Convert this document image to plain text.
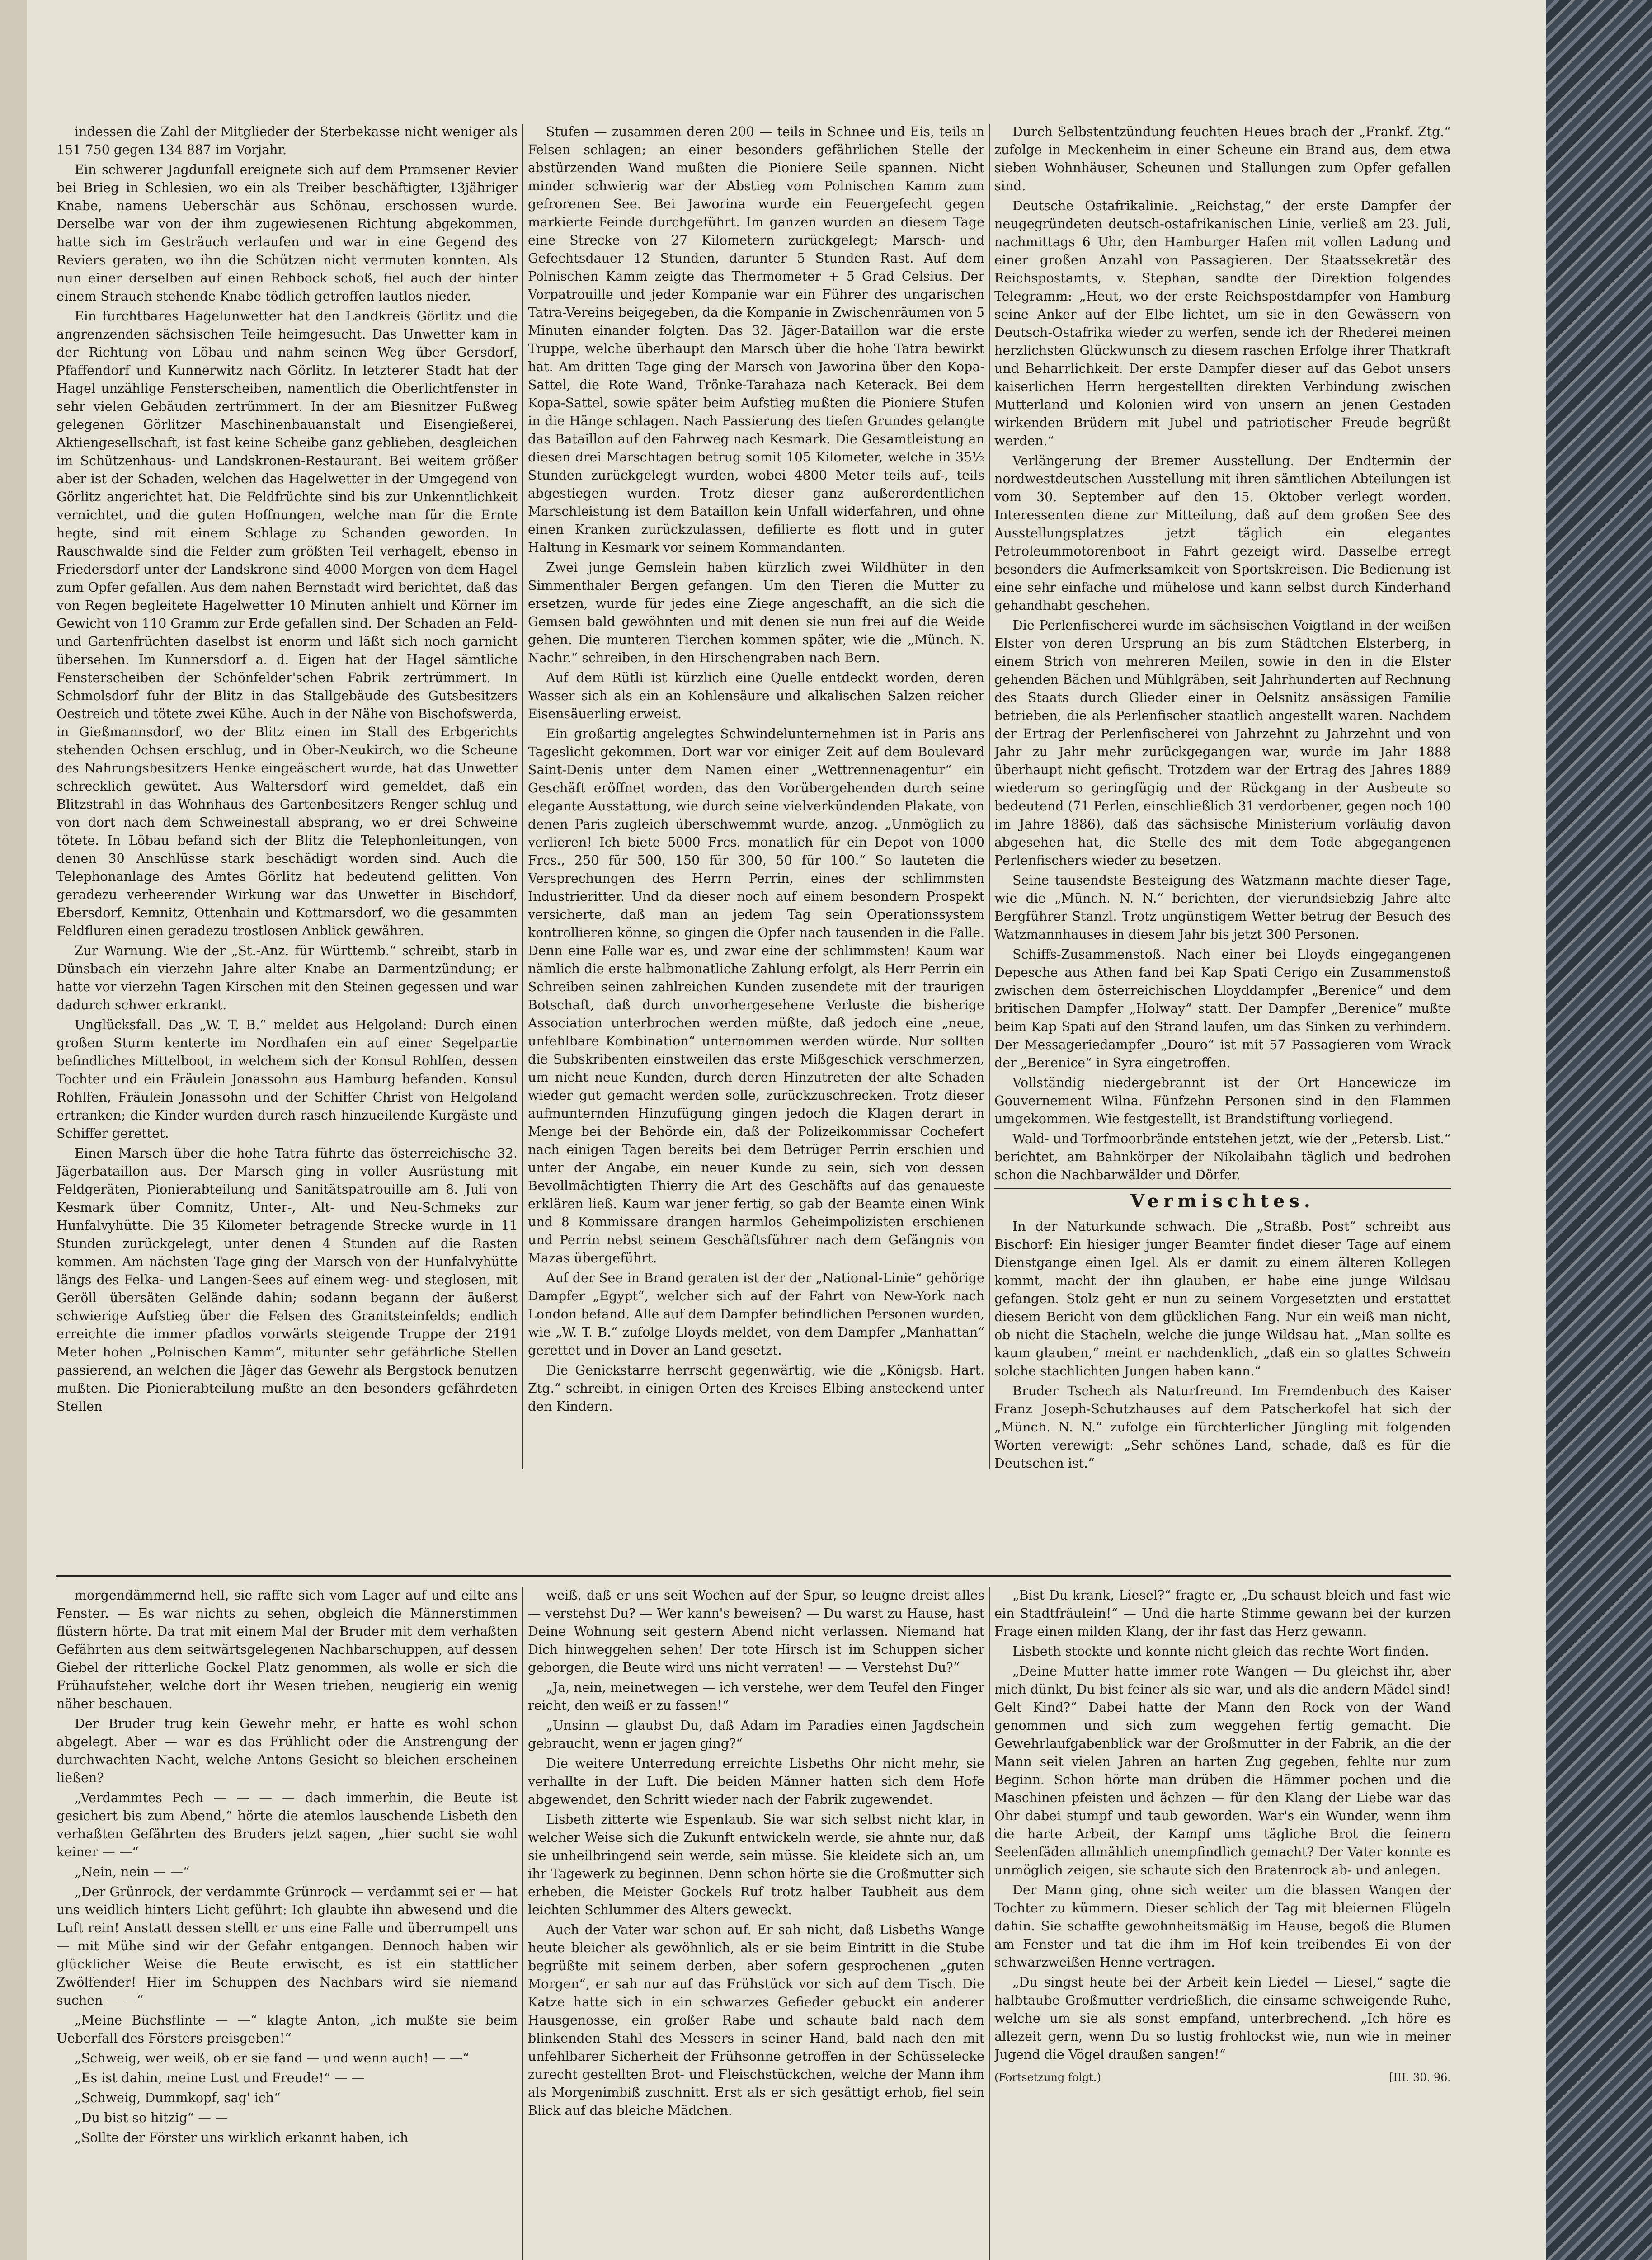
indessen die Zahl der Mitglieder der Sterbekasse nicht weniger als 151 750 gegen 134 887 im Vorjahr.

Ein schwerer Jagdunfall ereignete sich auf dem Pramsener Revier bei Brieg in Schlesien, wo ein als Treiber beschäftigter, 13jähriger Knabe, namens Ueberschär aus Schönau, erschossen wurde. Derselbe war von der ihm zugewiesenen Richtung abgekommen, hatte sich im Gesträuch verlaufen und war in eine Gegend des Reviers geraten, wo ihn die Schützen nicht vermuten konnten. Als nun einer derselben auf einen Rehbock schoß, fiel auch der hinter einem Strauch stehende Knabe tödlich getroffen lautlos nieder.

Ein furchtbares Hagelunwetter hat den Landkreis Görlitz und die angrenzenden sächsischen Teile heimgesucht. Das Unwetter kam in der Richtung von Löbau und nahm seinen Weg über Gersdorf, Pfaffendorf und Kunnerwitz nach Görlitz. In letzterer Stadt hat der Hagel unzählige Fensterscheiben, namentlich die Oberlichtfenster in sehr vielen Gebäuden zertrümmert. In der am Biesnitzer Fußweg gelegenen Görlitzer Maschinenbauanstalt und Eisengießerei, Aktiengesellschaft, ist fast keine Scheibe ganz geblieben, desgleichen im Schützenhaus- und Landskronen-Restaurant. Bei weitem größer aber ist der Schaden, welchen das Hagelwetter in der Umgegend von Görlitz angerichtet hat. Die Feldfrüchte sind bis zur Unkenntlichkeit vernichtet, und die guten Hoffnungen, welche man für die Ernte hegte, sind mit einem Schlage zu Schanden geworden. In Rauschwalde sind die Felder zum größten Teil verhagelt, ebenso in Friedersdorf unter der Landskrone sind 4000 Morgen von dem Hagel zum Opfer gefallen. Aus dem nahen Bernstadt wird berichtet, daß das von Regen begleitete Hagelwetter 10 Minuten anhielt und Körner im Gewicht von 110 Gramm zur Erde gefallen sind. Der Schaden an Feld- und Gartenfrüchten daselbst ist enorm und läßt sich noch garnicht übersehen. Im Kunnersdorf a. d. Eigen hat der Hagel sämtliche Fensterscheiben der Schönfelder'schen Fabrik zertrümmert. In Schmolsdorf fuhr der Blitz in das Stallgebäude des Gutsbesitzers Oestreich und tötete zwei Kühe. Auch in der Nähe von Bischofswerda, in Gießmannsdorf, wo der Blitz einen im Stall des Erbgerichts stehenden Ochsen erschlug, und in Ober-Neukirch, wo die Scheune des Nahrungsbesitzers Henke eingeäschert wurde, hat das Unwetter schrecklich gewütet. Aus Waltersdorf wird gemeldet, daß ein Blitzstrahl in das Wohnhaus des Gartenbesitzers Renger schlug und von dort nach dem Schweinestall absprang, wo er drei Schweine tötete. In Löbau befand sich der Blitz die Telephonleitungen, von denen 30 Anschlüsse stark beschädigt worden sind. Auch die Telephonanlage des Amtes Görlitz hat bedeutend gelitten. Von geradezu verheerender Wirkung war das Unwetter in Bischdorf, Ebersdorf, Kemnitz, Ottenhain und Kottmarsdorf, wo die gesammten Feldfluren einen geradezu trostlosen Anblick gewähren.

Zur Warnung. Wie der „St.-Anz. für Württemb.“ schreibt, starb in Dünsbach ein vierzehn Jahre alter Knabe an Darmentzündung; er hatte vor vierzehn Tagen Kirschen mit den Steinen gegessen und war dadurch schwer erkrankt.

Unglücksfall. Das „W. T. B.“ meldet aus Helgoland: Durch einen großen Sturm kenterte im Nordhafen ein auf einer Segelpartie befindliches Mittelboot, in welchem sich der Konsul Rohlfen, dessen Tochter und ein Fräulein Jonassohn aus Hamburg befanden. Konsul Rohlfen, Fräulein Jonassohn und der Schiffer Christ von Helgoland ertranken; die Kinder wurden durch rasch hinzueilende Kurgäste und Schiffer gerettet.

Einen Marsch über die hohe Tatra führte das österreichische 32. Jägerbataillon aus. Der Marsch ging in voller Ausrüstung mit Feldgeräten, Pionierabteilung und Sanitätspatrouille am 8. Juli von Kesmark über Comnitz, Unter-, Alt- und Neu-Schmeks zur Hunfalvyhütte. Die 35 Kilometer betragende Strecke wurde in 11 Stunden zurückgelegt, unter denen 4 Stunden auf die Rasten kommen. Am nächsten Tage ging der Marsch von der Hunfalvyhütte längs des Felka- und Langen-Sees auf einem weg- und steglosen, mit Geröll übersäten Gelände dahin; sodann begann der äußerst schwierige Aufstieg über die Felsen des Granitsteinfelds; endlich erreichte die immer pfadlos vorwärts steigende Truppe der 2191 Meter hohen „Polnischen Kamm“, mitunter sehr gefährliche Stellen passierend, an welchen die Jäger das Gewehr als Bergstock benutzen mußten. Die Pionierabteilung mußte an den besonders gefährdeten Stellen

Stufen — zusammen deren 200 — teils in Schnee und Eis, teils in Felsen schlagen; an einer besonders gefährlichen Stelle der abstürzenden Wand mußten die Pioniere Seile spannen. Nicht minder schwierig war der Abstieg vom Polnischen Kamm zum gefrorenen See. Bei Jaworina wurde ein Feuergefecht gegen markierte Feinde durchgeführt. Im ganzen wurden an diesem Tage eine Strecke von 27 Kilometern zurückgelegt; Marsch- und Gefechtsdauer 12 Stunden, darunter 5 Stunden Rast. Auf dem Polnischen Kamm zeigte das Thermometer + 5 Grad Celsius. Der Vorpatrouille und jeder Kompanie war ein Führer des ungarischen Tatra-Vereins beigegeben, da die Kompanie in Zwischenräumen von 5 Minuten einander folgten. Das 32. Jäger-Bataillon war die erste Truppe, welche überhaupt den Marsch über die hohe Tatra bewirkt hat. Am dritten Tage ging der Marsch von Jaworina über den Kopa-Sattel, die Rote Wand, Trönke-Tarahaza nach Keterack. Bei dem Kopa-Sattel, sowie später beim Aufstieg mußten die Pioniere Stufen in die Hänge schlagen. Nach Passierung des tiefen Grundes gelangte das Bataillon auf den Fahrweg nach Kesmark. Die Gesamtleistung an diesen drei Marschtagen betrug somit 105 Kilometer, welche in 35½ Stunden zurückgelegt wurden, wobei 4800 Meter teils auf-, teils abgestiegen wurden. Trotz dieser ganz außerordentlichen Marschleistung ist dem Bataillon kein Unfall widerfahren, und ohne einen Kranken zurückzulassen, defilierte es flott und in guter Haltung in Kesmark vor seinem Kommandanten.

Zwei junge Gemslein haben kürzlich zwei Wildhüter in den Simmenthaler Bergen gefangen. Um den Tieren die Mutter zu ersetzen, wurde für jedes eine Ziege angeschafft, an die sich die Gemsen bald gewöhnten und mit denen sie nun frei auf die Weide gehen. Die munteren Tierchen kommen später, wie die „Münch. N. Nachr.“ schreiben, in den Hirschengraben nach Bern.

Auf dem Rütli ist kürzlich eine Quelle entdeckt worden, deren Wasser sich als ein an Kohlensäure und alkalischen Salzen reicher Eisensäuerling erweist.

Ein großartig angelegtes Schwindelunternehmen ist in Paris ans Tageslicht gekommen. Dort war vor einiger Zeit auf dem Boulevard Saint-Denis unter dem Namen einer „Wettrennenagentur“ ein Geschäft eröffnet worden, das den Vorübergehenden durch seine elegante Ausstattung, wie durch seine vielverkündenden Plakate, von denen Paris zugleich überschwemmt wurde, anzog. „Unmöglich zu verlieren! Ich biete 5000 Frcs. monatlich für ein Depot von 1000 Frcs., 250 für 500, 150 für 300, 50 für 100.“ So lauteten die Versprechungen des Herrn Perrin, eines der schlimmsten Industrieritter. Und da dieser noch auf einem besondern Prospekt versicherte, daß man an jedem Tag sein Operationssystem kontrollieren könne, so gingen die Opfer nach tausenden in die Falle. Denn eine Falle war es, und zwar eine der schlimmsten! Kaum war nämlich die erste halbmonatliche Zahlung erfolgt, als Herr Perrin ein Schreiben seinen zahlreichen Kunden zusendete mit der traurigen Botschaft, daß durch unvorhergesehene Verluste die bisherige Association unterbrochen werden müßte, daß jedoch eine „neue, unfehlbare Kombination“ unternommen werden würde. Nur sollten die Subskribenten einstweilen das erste Mißgeschick verschmerzen, um nicht neue Kunden, durch deren Hinzutreten der alte Schaden wieder gut gemacht werden solle, zurückzuschrecken. Trotz dieser aufmunternden Hinzufügung gingen jedoch die Klagen derart in Menge bei der Behörde ein, daß der Polizeikommissar Cochefert nach einigen Tagen bereits bei dem Betrüger Perrin erschien und unter der Angabe, ein neuer Kunde zu sein, sich von dessen Bevollmächtigten Thierry die Art des Geschäfts auf das genaueste erklären ließ. Kaum war jener fertig, so gab der Beamte einen Wink und 8 Kommissare drangen harmlos Geheimpolizisten erschienen und Perrin nebst seinem Geschäftsführer nach dem Gefängnis von Mazas übergeführt.

Auf der See in Brand geraten ist der der „National-Linie“ gehörige Dampfer „Egypt“, welcher sich auf der Fahrt von New-York nach London befand. Alle auf dem Dampfer befindlichen Personen wurden, wie „W. T. B.“ zufolge Lloyds meldet, von dem Dampfer „Manhattan“ gerettet und in Dover an Land gesetzt.

Die Genickstarre herrscht gegenwärtig, wie die „Königsb. Hart. Ztg.“ schreibt, in einigen Orten des Kreises Elbing ansteckend unter den Kindern.

Durch Selbstentzündung feuchten Heues brach der „Frankf. Ztg.“ zufolge in Meckenheim in einer Scheune ein Brand aus, dem etwa sieben Wohnhäuser, Scheunen und Stallungen zum Opfer gefallen sind.

Deutsche Ostafrikalinie. „Reichstag,“ der erste Dampfer der neugegründeten deutsch-ostafrikanischen Linie, verließ am 23. Juli, nachmittags 6 Uhr, den Hamburger Hafen mit vollen Ladung und einer großen Anzahl von Passagieren. Der Staatssekretär des Reichspostamts, v. Stephan, sandte der Direktion folgendes Telegramm: „Heut, wo der erste Reichspostdampfer von Hamburg seine Anker auf der Elbe lichtet, um sie in den Gewässern von Deutsch-Ostafrika wieder zu werfen, sende ich der Rhederei meinen herzlichsten Glückwunsch zu diesem raschen Erfolge ihrer Thatkraft und Beharrlichkeit. Der erste Dampfer dieser auf das Gebot unsers kaiserlichen Herrn hergestellten direkten Verbindung zwischen Mutterland und Kolonien wird von unsern an jenen Gestaden wirkenden Brüdern mit Jubel und patriotischer Freude begrüßt werden.“

Verlängerung der Bremer Ausstellung. Der Endtermin der nordwestdeutschen Ausstellung mit ihren sämtlichen Abteilungen ist vom 30. September auf den 15. Oktober verlegt worden. Interessenten diene zur Mitteilung, daß auf dem großen See des Ausstellungsplatzes jetzt täglich ein elegantes Petroleummotorenboot in Fahrt gezeigt wird. Dasselbe erregt besonders die Aufmerksamkeit von Sportskreisen. Die Bedienung ist eine sehr einfache und mühelose und kann selbst durch Kinderhand gehandhabt geschehen.

Die Perlenfischerei wurde im sächsischen Voigtland in der weißen Elster von deren Ursprung an bis zum Städtchen Elsterberg, in einem Strich von mehreren Meilen, sowie in den in die Elster gehenden Bächen und Mühlgräben, seit Jahrhunderten auf Rechnung des Staats durch Glieder einer in Oelsnitz ansässigen Familie betrieben, die als Perlenfischer staatlich angestellt waren. Nachdem der Ertrag der Perlenfischerei von Jahrzehnt zu Jahrzehnt und von Jahr zu Jahr mehr zurückgegangen war, wurde im Jahr 1888 überhaupt nicht gefischt. Trotzdem war der Ertrag des Jahres 1889 wiederum so geringfügig und der Rückgang in der Ausbeute so bedeutend (71 Perlen, einschließlich 31 verdorbener, gegen noch 100 im Jahre 1886), daß das sächsische Ministerium vorläufig davon abgesehen hat, die Stelle des mit dem Tode abgegangenen Perlenfischers wieder zu besetzen.

Seine tausendste Besteigung des Watzmann machte dieser Tage, wie die „Münch. N. N.“ berichten, der vierundsiebzig Jahre alte Bergführer Stanzl. Trotz ungünstigem Wetter betrug der Besuch des Watzmannhauses in diesem Jahr bis jetzt 300 Personen.

Schiffs-Zusammenstoß. Nach einer bei Lloyds eingegangenen Depesche aus Athen fand bei Kap Spati Cerigo ein Zusammenstoß zwischen dem österreichischen Lloyddampfer „Berenice“ und dem britischen Dampfer „Holway“ statt. Der Dampfer „Berenice“ mußte beim Kap Spati auf den Strand laufen, um das Sinken zu verhindern. Der Messageriedampfer „Douro“ ist mit 57 Passagieren vom Wrack der „Berenice“ in Syra eingetroffen.

Vollständig niedergebrannt ist der Ort Hancewicze im Gouvernement Wilna. Fünfzehn Personen sind in den Flammen umgekommen. Wie festgestellt, ist Brandstiftung vorliegend.

Wald- und Torfmoorbrände entstehen jetzt, wie der „Petersb. List.“ berichtet, am Bahnkörper der Nikolaibahn täglich und bedrohen schon die Nachbarwälder und Dörfer.

Vermischtes.

In der Naturkunde schwach. Die „Straßb. Post“ schreibt aus Bischorf: Ein hiesiger junger Beamter findet dieser Tage auf einem Dienstgange einen Igel. Als er damit zu einem älteren Kollegen kommt, macht der ihn glauben, er habe eine junge Wildsau gefangen. Stolz geht er nun zu seinem Vorgesetzten und erstattet diesem Bericht von dem glücklichen Fang. Nur ein weiß man nicht, ob nicht die Stacheln, welche die junge Wildsau hat. „Man sollte es kaum glauben,“ meint er nachdenklich, „daß ein so glattes Schwein solche stachlichten Jungen haben kann.“

Bruder Tschech als Naturfreund. Im Fremdenbuch des Kaiser Franz Joseph-Schutzhauses auf dem Patscherkofel hat sich der „Münch. N. N.“ zufolge ein fürchterlicher Jüngling mit folgenden Worten verewigt: „Sehr schönes Land, schade, daß es für die Deutschen ist.“

morgendämmernd hell, sie raffte sich vom Lager auf und eilte ans Fenster. — Es war nichts zu sehen, obgleich die Männerstimmen flüstern hörte. Da trat mit einem Mal der Bruder mit dem verhaßten Gefährten aus dem seitwärtsgelegenen Nachbarschuppen, auf dessen Giebel der ritterliche Gockel Platz genommen, als wolle er sich die Frühaufsteher, welche dort ihr Wesen trieben, neugierig ein wenig näher beschauen.

Der Bruder trug kein Gewehr mehr, er hatte es wohl schon abgelegt. Aber — war es das Frühlicht oder die Anstrengung der durchwachten Nacht, welche Antons Gesicht so bleichen erscheinen ließen?

„Verdammtes Pech — — — — dach immerhin, die Beute ist gesichert bis zum Abend,“ hörte die atemlos lauschende Lisbeth den verhaßten Gefährten des Bruders jetzt sagen, „hier sucht sie wohl keiner — —“

„Nein, nein — —“

„Der Grünrock, der verdammte Grünrock — verdammt sei er — hat uns weidlich hinters Licht geführt: Ich glaubte ihn abwesend und die Luft rein! Anstatt dessen stellt er uns eine Falle und überrumpelt uns — mit Mühe sind wir der Gefahr entgangen. Dennoch haben wir glücklicher Weise die Beute erwischt, es ist ein stattlicher Zwölfender! Hier im Schuppen des Nachbars wird sie niemand suchen — —“

„Meine Büchsflinte — —“ klagte Anton, „ich mußte sie beim Ueberfall des Försters preisgeben!“

„Schweig, wer weiß, ob er sie fand — und wenn auch! — —“

„Es ist dahin, meine Lust und Freude!“ — —

„Schweig, Dummkopf, sag' ich“

„Du bist so hitzig“ — —

„Sollte der Förster uns wirklich erkannt haben, ich

weiß, daß er uns seit Wochen auf der Spur, so leugne dreist alles — verstehst Du? — Wer kann's beweisen? — Du warst zu Hause, hast Deine Wohnung seit gestern Abend nicht verlassen. Niemand hat Dich hinweggehen sehen! Der tote Hirsch ist im Schuppen sicher geborgen, die Beute wird uns nicht verraten! — — Verstehst Du?“

„Ja, nein, meinetwegen — ich verstehe, wer dem Teufel den Finger reicht, den weiß er zu fassen!“

„Unsinn — glaubst Du, daß Adam im Paradies einen Jagdschein gebraucht, wenn er jagen ging?“

Die weitere Unterredung erreichte Lisbeths Ohr nicht mehr, sie verhallte in der Luft. Die beiden Männer hatten sich dem Hofe abgewendet, den Schritt wieder nach der Fabrik zugewendet.

Lisbeth zitterte wie Espenlaub. Sie war sich selbst nicht klar, in welcher Weise sich die Zukunft entwickeln werde, sie ahnte nur, daß sie unheilbringend sein werde, sein müsse. Sie kleidete sich an, um ihr Tagewerk zu beginnen. Denn schon hörte sie die Großmutter sich erheben, die Meister Gockels Ruf trotz halber Taubheit aus dem leichten Schlummer des Alters geweckt.

Auch der Vater war schon auf. Er sah nicht, daß Lisbeths Wange heute bleicher als gewöhnlich, als er sie beim Eintritt in die Stube begrüßte mit seinem derben, aber sofern gesprochenen „guten Morgen“, er sah nur auf das Frühstück vor sich auf dem Tisch. Die Katze hatte sich in ein schwarzes Gefieder gebuckt ein anderer Hausgenosse, ein großer Rabe und schaute bald nach dem blinkenden Stahl des Messers in seiner Hand, bald nach den mit unfehlbarer Sicherheit der Frühsonne getroffen in der Schüsselecke zurecht gestellten Brot- und Fleischstückchen, welche der Mann ihm als Morgenimbiß zuschnitt. Erst als er sich gesättigt erhob, fiel sein Blick auf das bleiche Mädchen.

„Bist Du krank, Liesel?“ fragte er, „Du schaust bleich und fast wie ein Stadtfräulein!“ — Und die harte Stimme gewann bei der kurzen Frage einen milden Klang, der ihr fast das Herz gewann.

Lisbeth stockte und konnte nicht gleich das rechte Wort finden.

„Deine Mutter hatte immer rote Wangen — Du gleichst ihr, aber mich dünkt, Du bist feiner als sie war, und als die andern Mädel sind! Gelt Kind?“ Dabei hatte der Mann den Rock von der Wand genommen und sich zum weggehen fertig gemacht. Die Gewehrlaufgabenblick war der Großmutter in der Fabrik, an die der Mann seit vielen Jahren an harten Zug gegeben, fehlte nur zum Beginn. Schon hörte man drüben die Hämmer pochen und die Maschinen pfeisten und ächzen — für den Klang der Liebe war das Ohr dabei stumpf und taub geworden. War's ein Wunder, wenn ihm die harte Arbeit, der Kampf ums tägliche Brot die feinern Seelenfäden allmählich unempfindlich gemacht? Der Vater konnte es unmöglich zeigen, sie schaute sich den Bratenrock ab- und anlegen.

Der Mann ging, ohne sich weiter um die blassen Wangen der Tochter zu kümmern. Dieser schlich der Tag mit bleiernen Flügeln dahin. Sie schaffte gewohnheitsmäßig im Hause, begoß die Blumen am Fenster und tat die ihm im Hof kein treibendes Ei von der schwarzweißen Henne vertragen.

„Du singst heute bei der Arbeit kein Liedel — Liesel,“ sagte die halbtaube Großmutter verdrießlich, die einsame schweigende Ruhe, welche um sie als sonst empfand, unterbrechend. „Ich höre es allezeit gern, wenn Du so lustig frohlockst wie, nun wie in meiner Jugend die Vögel draußen sangen!“

(Fortsetzung folgt.)	[III. 30. 96.
